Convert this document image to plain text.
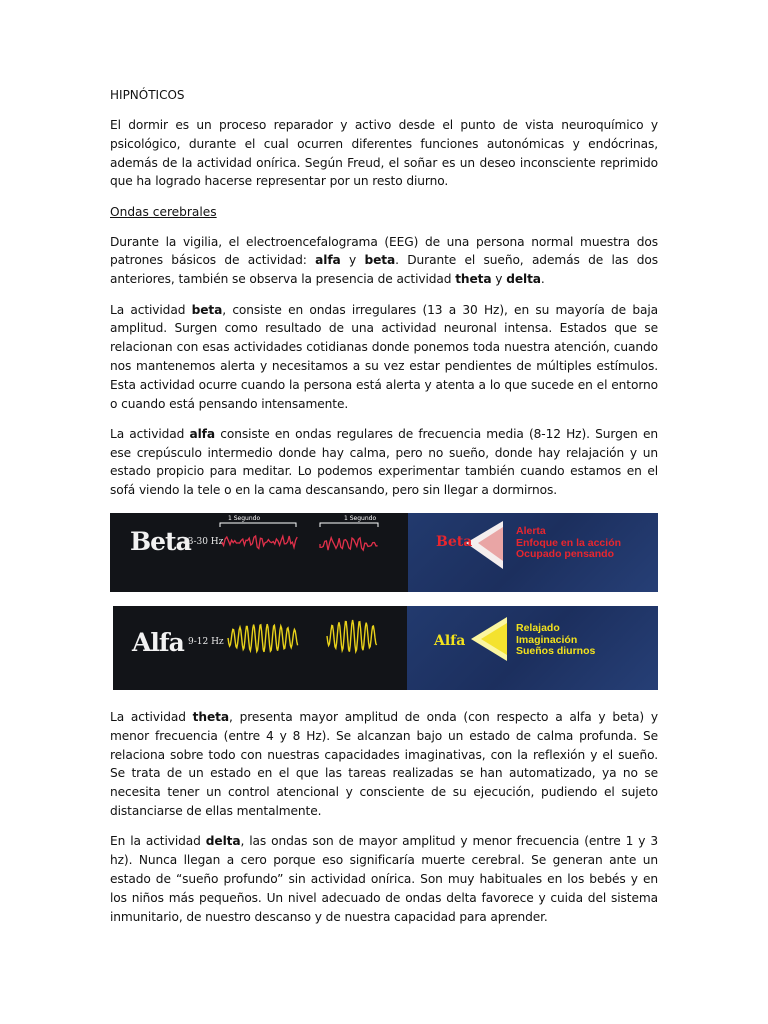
HIPNÓTICOS

El dormir es un proceso reparador y activo desde el punto de vista neuroquímico y psicológico, durante el cual ocurren diferentes funciones autonómicas y endócrinas, además de la actividad onírica. Según Freud, el soñar es un deseo inconsciente reprimido que ha logrado hacerse representar por un resto diurno.

Ondas cerebrales

Durante la vigilia, el electroencefalograma (EEG) de una persona normal muestra dos patrones básicos de actividad: alfa y beta. Durante el sueño, además de las dos anteriores, también se observa la presencia de actividad theta y delta.

La actividad beta, consiste en ondas irregulares (13 a 30 Hz), en su mayoría de baja amplitud. Surgen como resultado de una actividad neuronal intensa. Estados que se relacionan con esas actividades cotidianas donde ponemos toda nuestra atención, cuando nos mantenemos alerta y necesitamos a su vez estar pendientes de múltiples estímulos. Esta actividad ocurre cuando la persona está alerta y atenta a lo que sucede en el entorno o cuando está pensando intensamente.

La actividad alfa consiste en ondas regulares de frecuencia media (8-12 Hz). Surgen en ese crepúsculo intermedio donde hay calma, pero no sueño, donde hay relajación y un estado propicio para meditar. Lo podemos experimentar también cuando estamos en el sofá viendo la tele o en la cama descansando, pero sin llegar a dormirnos.

Beta
13-30 Hz
1 Segundo	1 Segundo
Beta
Alerta
Enfoque en la acción
Ocupado pensando
Alfa 9-12 Hz	Alfa
Relajado
Imaginación
Sueños diurnos

La actividad theta, presenta mayor amplitud de onda (con respecto a alfa y beta) y menor frecuencia (entre 4 y 8 Hz). Se alcanzan bajo un estado de calma profunda. Se relaciona sobre todo con nuestras capacidades imaginativas, con la reflexión y el sueño. Se trata de un estado en el que las tareas realizadas se han automatizado, ya no se necesita tener un control atencional y consciente de su ejecución, pudiendo el sujeto distanciarse de ellas mentalmente.

En la actividad delta, las ondas son de mayor amplitud y menor frecuencia (entre 1 y 3 hz). Nunca llegan a cero porque eso significaría muerte cerebral. Se generan ante un estado de “sueño profundo” sin actividad onírica. Son muy habituales en los bebés y en los niños más pequeños. Un nivel adecuado de ondas delta favorece y cuida del sistema inmunitario, de nuestro descanso y de nuestra capacidad para aprender.
